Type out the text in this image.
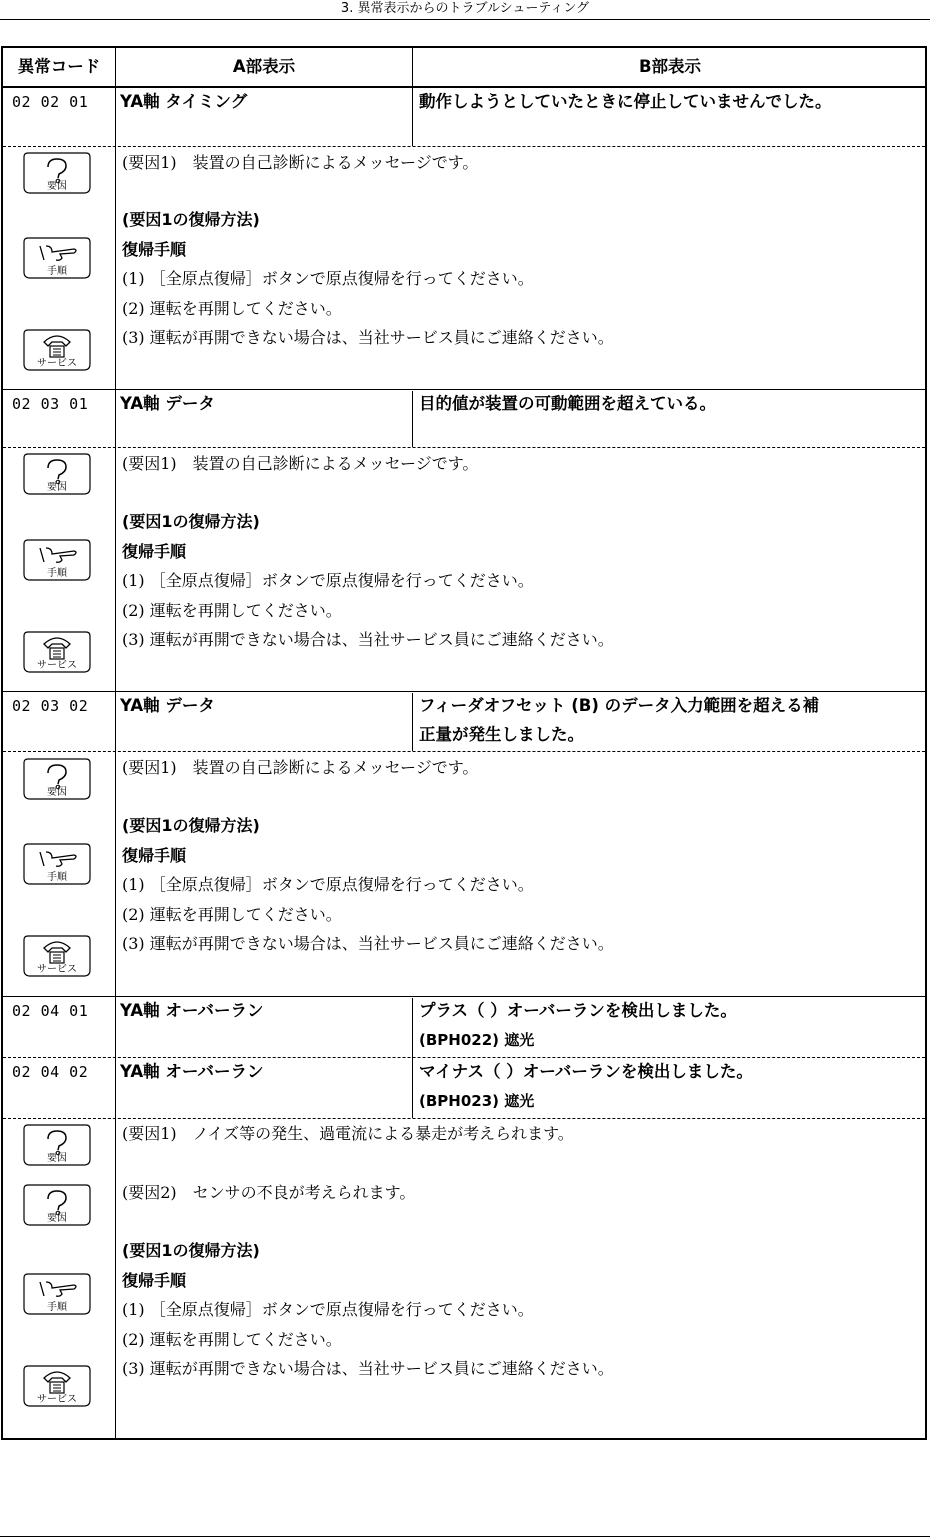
3. 異常表示からのトラブルシューティング
異常コード	A部表示	B部表示
02 02 01 YA軸 タイミング	動作しようとしていたときに停止していませんでした。
要因
手順
サービス
(要因1)　装置の自己診断によるメッセージです。
(要因1の復帰方法)
復帰手順
(1) ［全原点復帰］ボタンで原点復帰を行ってください。
(2) 運転を再開してください。
(3) 運転が再開できない場合は、当社サービス員にご連絡ください。
02 03 01 YA軸 データ	目的値が装置の可動範囲を超えている。
要因
手順
サービス
(要因1)　装置の自己診断によるメッセージです。
(要因1の復帰方法)
復帰手順
(1) ［全原点復帰］ボタンで原点復帰を行ってください。
(2) 運転を再開してください。
(3) 運転が再開できない場合は、当社サービス員にご連絡ください。
02 03 02 YA軸 データ	フィーダオフセット (B) のデータ入力範囲を超える補
正量が発生しました。
要因
手順
サービス
(要因1)　装置の自己診断によるメッセージです。
(要因1の復帰方法)
復帰手順
(1) ［全原点復帰］ボタンで原点復帰を行ってください。
(2) 運転を再開してください。
(3) 運転が再開できない場合は、当社サービス員にご連絡ください。
02 04 01 YA軸 オーバーラン	プラス（ ）オーバーランを検出しました。
(BPH022) 遮光
02 04 02 YA軸 オーバーラン	マイナス（ ）オーバーランを検出しました。
(BPH023) 遮光
要因
要因
手順
サービス
(要因1)　ノイズ等の発生、過電流による暴走が考えられます。
(要因2)　センサの不良が考えられます。
(要因1の復帰方法)
復帰手順
(1) ［全原点復帰］ボタンで原点復帰を行ってください。
(2) 運転を再開してください。
(3) 運転が再開できない場合は、当社サービス員にご連絡ください。
